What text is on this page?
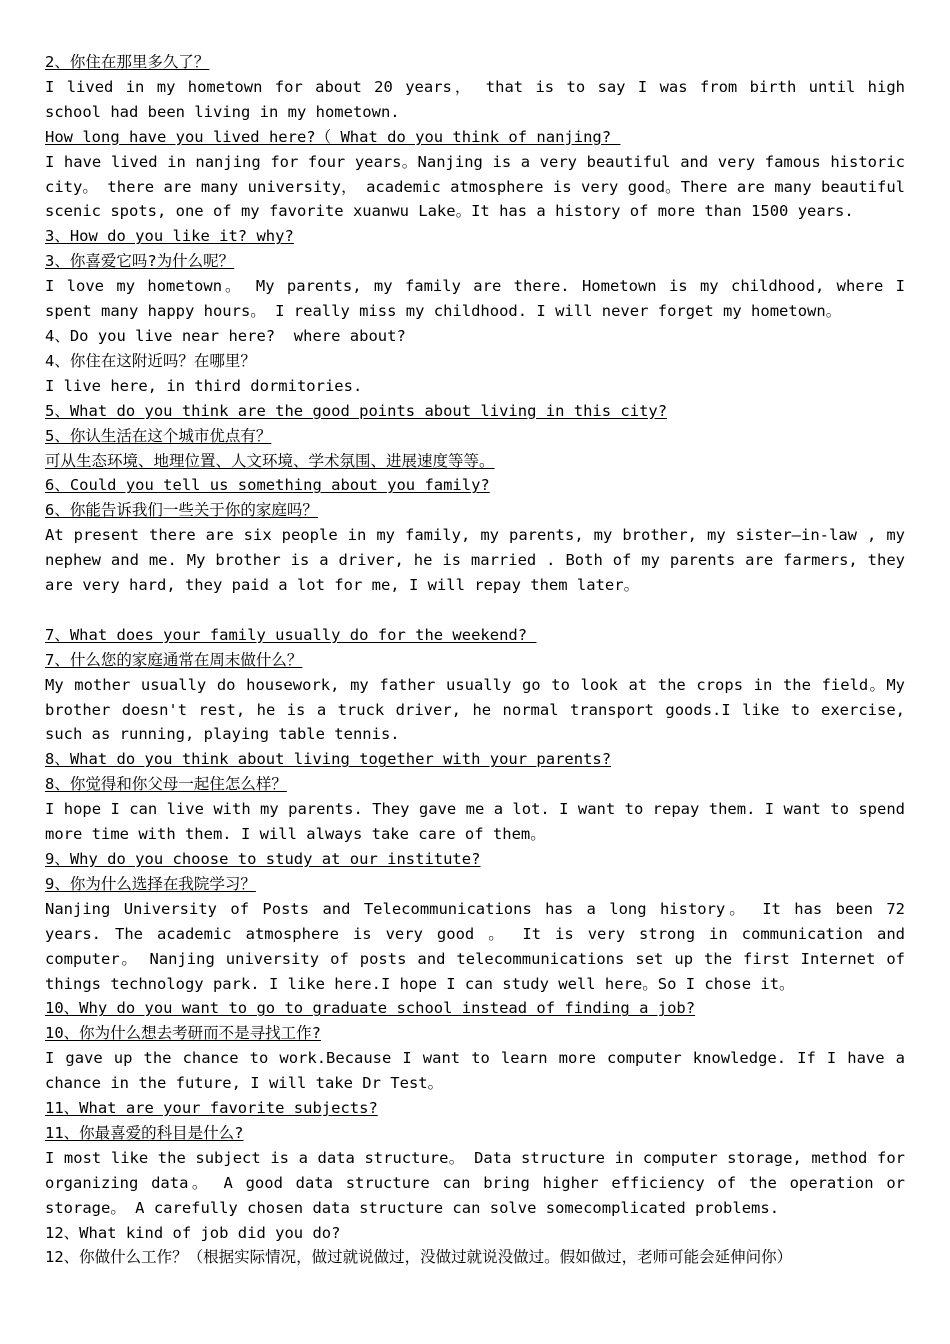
2、你住在那里多久了？
I lived in my hometown for about 20 years， that is to say I was from birth until high school had been living in my hometown.
How long have you lived here?（ What do you think of nanjing?
I have lived in nanjing for four years。Nanjing is a very beautiful and very famous historic city。 there are many university， academic atmosphere is very good。There are many beautiful scenic spots, one of my favorite xuanwu Lake。It has a history of more than 1500 years.
3、How do you like it? why?
3、你喜爱它吗?为什么呢？
I love my hometown。 My parents, my family are there. Hometown is my childhood, where I spent many happy hours。 I really miss my childhood. I will never forget my hometown。
4、Do you live near here?  where about?
4、你住在这附近吗？在哪里？
I live here, in third dormitories.
5、What do you think are the good points about living in this city?
5、你认生活在这个城市优点有？
可从生态环境、地理位置、人文环境、学术氛围、进展速度等等。
6、Could you tell us something about you family?
6、你能告诉我们一些关于你的家庭吗？
At present there are six people in my family, my parents, my brother, my sister—in-law , my nephew and me. My brother is a driver, he is married . Both of my parents are farmers, they are very hard, they paid a lot for me, I will repay them later。
7、What does your family usually do for the weekend?
7、什么您的家庭通常在周末做什么？
My mother usually do housework, my father usually go to look at the crops in the field。My brother doesn't rest, he is a truck driver, he normal transport goods.I like to exercise, such as running, playing table tennis.
8、What do you think about living together with your parents?
8、你觉得和你父母一起住怎么样？
I hope I can live with my parents. They gave me a lot. I want to repay them. I want to spend more time with them. I will always take care of them。
9、Why do you choose to study at our institute?
9、你为什么选择在我院学习？
Nanjing University of Posts and Telecommunications has a long history。 It has been 72 years. The academic atmosphere is very good 。 It is very strong in communication and computer。 Nanjing university of posts and telecommunications set up the first Internet of things technology park. I like here.I hope I can study well here。So I chose it。
10、Why do you want to go to graduate school instead of finding a job?
10、你为什么想去考研而不是寻找工作?
I gave up the chance to work.Because I want to learn more computer knowledge. If I have a chance in the future, I will take Dr Test。
11、What are your favorite subjects?
11、你最喜爱的科目是什么?
I most like the subject is a data structure。 Data structure in computer storage, method for organizing data。 A good data structure can bring higher efficiency of the operation or storage。 A carefully chosen data structure can solve somecomplicated problems.
12、What kind of job did you do?
12、你做什么工作？（根据实际情况，做过就说做过，没做过就说没做过。假如做过，老师可能会延伸问你）
